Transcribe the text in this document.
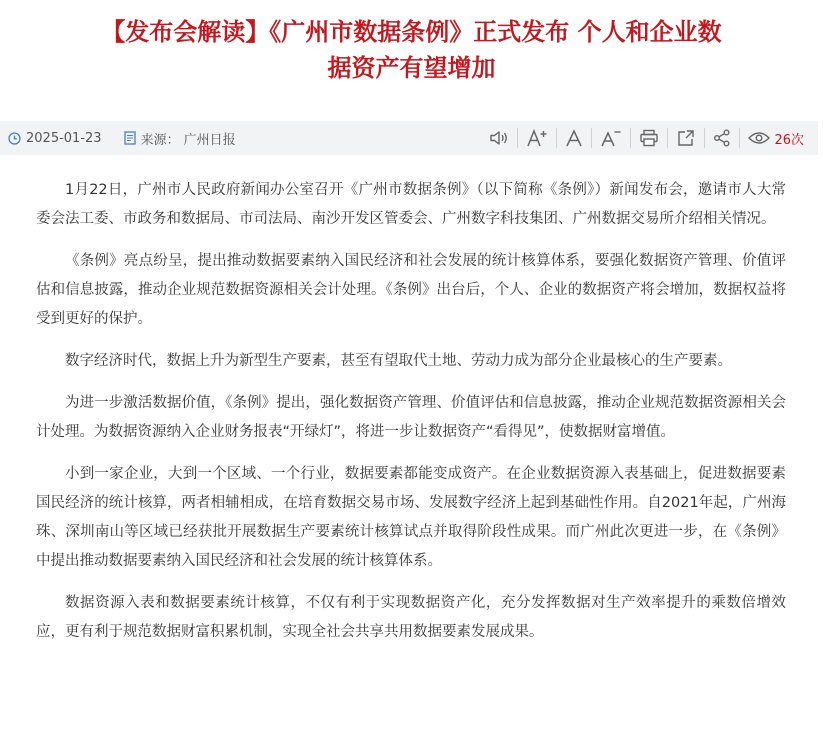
【发布会解读】《广州市数据条例》正式发布 个人和企业数
据资产有望增加
2025-01-23	来源： 广州日报	26次

1月22日，广州市人民政府新闻办公室召开《广州市数据条例》（以下简称《条例》）新闻发布会，邀请市人大常委会法工委、市政务和数据局、市司法局、南沙开发区管委会、广州数字科技集团、广州数据交易所介绍相关情况。

《条例》亮点纷呈，提出推动数据要素纳入国民经济和社会发展的统计核算体系，要强化数据资产管理、价值评估和信息披露，推动企业规范数据资源相关会计处理。《条例》出台后，个人、企业的数据资产将会增加，数据权益将受到更好的保护。

数字经济时代，数据上升为新型生产要素，甚至有望取代土地、劳动力成为部分企业最核心的生产要素。

为进一步激活数据价值，《条例》提出，强化数据资产管理、价值评估和信息披露，推动企业规范数据资源相关会计处理。为数据资源纳入企业财务报表“开绿灯”，将进一步让数据资产“看得见”，使数据财富增值。

小到一家企业，大到一个区域、一个行业，数据要素都能变成资产。在企业数据资源入表基础上，促进数据要素国民经济的统计核算，两者相辅相成，在培育数据交易市场、发展数字经济上起到基础性作用。自2021年起，广州海珠、深圳南山等区域已经获批开展数据生产要素统计核算试点并取得阶段性成果。而广州此次更进一步，在《条例》中提出推动数据要素纳入国民经济和社会发展的统计核算体系。

数据资源入表和数据要素统计核算，不仅有利于实现数据资产化，充分发挥数据对生产效率提升的乘数倍增效应，更有利于规范数据财富积累机制，实现全社会共享共用数据要素发展成果。
